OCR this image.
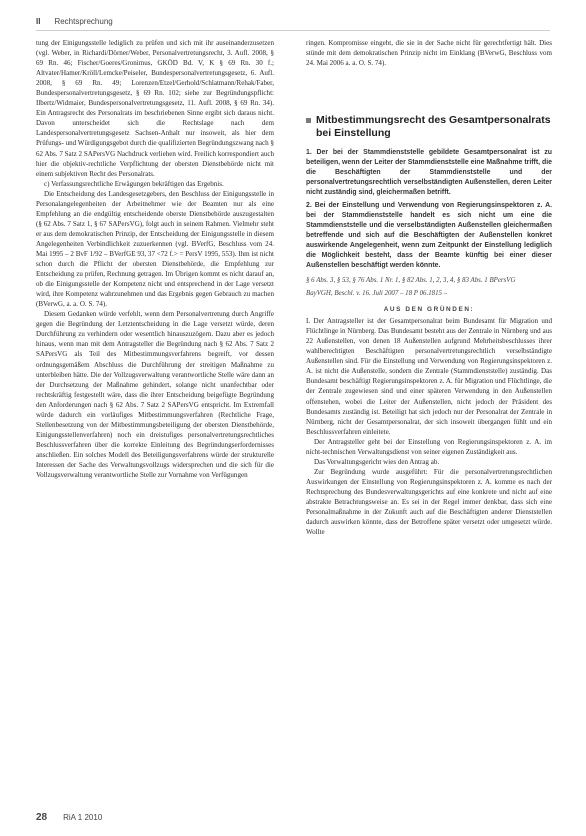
II Rechtsprechung

tung der Einigungsstelle lediglich zu prüfen und sich mit ihr auseinanderzusetzen (vgl. Weber, in Richardi/Dörner/Weber, Personalvertretungsrecht, 3. Aufl. 2008, § 69 Rn. 46; Fischer/Goeres/Gronimus, GKÖD Bd. V, K § 69 Rn. 30 f.; Altvater/Hamer/Kröll/Lemcke/Peiseler, Bundespersonalvertretungsgesetz, 6. Aufl. 2008, § 69 Rn. 49; Lorenzen/Etzel/Gerhold/Schlatmann/Rehak/Faber, Bundespersonalvertretungsgesetz, § 69 Rn. 102; siehe zur Begründungspflicht: Ilbertz/Widmaier, Bundespersonalvertretungsgesetz, 11. Aufl. 2008, § 69 Rn. 34). Ein Antragsrecht des Personalrats im beschriebenen Sinne ergibt sich daraus nicht. Davon unterscheidet sich die Rechtslage nach dem Landespersonalvertretungsgesetz Sachsen-Anhalt nur insoweit, als hier dem Prüfungs- und Würdigungsgebot durch die qualifizierten Begründungszwang nach § 62 Abs. 7 Satz 2 SAPersVG Nachdruck verliehen wird. Freilich korrespondiert auch hier die objektiv-rechtliche Verpflichtung der obersten Dienstbehörde nicht mit einem subjektiven Recht des Personalrats.

c) Verfassungsrechtliche Erwägungen bekräftigen das Ergebnis.

Die Entscheidung des Landesgesetzgebers, den Beschluss der Einigungsstelle in Personalangelegenheiten der Arbeitnehmer wie der Beamten nur als eine Empfehlung an die endgültig entscheidende oberste Dienstbehörde auszugestalten (§ 62 Abs. 7 Satz 1, § 67 SAPersVG), folgt auch in seinem Rahmen. Vielmehr steht er aus dem demokratischen Prinzip, der Entscheidung der Einigungsstelle in diesem Angelegenheiten Verbindlichkeit zuzuerkennen (vgl. BVerfG, Beschluss vom 24. Mai 1995 – 2 BvF 1/92 – BVerfGE 93, 37 <72 f.> = PersV 1995, 553). Ihm ist nicht schon durch die Pflicht der obersten Dienstbehörde, die Empfehlung zur Entscheidung zu prüfen, Rechnung getragen. Im Übrigen kommt es nicht darauf an, ob die Einigungsstelle der Kompetenz nicht und entsprechend in der Lage versetzt wird, ihre Kompetenz wahrzunehmen und das Ergebnis gegen Gebrauch zu machen (BVerwG, a. a. O. S. 74).

Diesem Gedanken würde verfehlt, wenn dem Personalvertretung durch Angriffe gegen die Begründung der Letztentscheidung in die Lage versetzt würde, deren Durchführung zu verhindern oder wesentlich hinauszuzögern. Dazu aber es jedoch hinaus, wenn man mit dem Antragsteller die Begründung nach § 62 Abs. 7 Satz 2 SAPersVG als Teil des Mitbestimmungsverfahrens begreift, vor dessen ordnungsgemäßem Abschluss die Durchführung der streitigen Maßnahme zu unterbleiben hätte. Die der Vollzugsverwaltung verantwortliche Stelle wäre dann an der Durchsetzung der Maßnahme gehindert, solange nicht unanfechtbar oder rechtskräftig festgestellt wäre, dass die ihrer Entscheidung beigefügte Begründung den Anforderungen nach § 62 Abs. 7 Satz 2 SAPersVG entspricht. Im Extremfall würde dadurch ein vorläufiges Mitbestimmungsverfahren (Rechtliche Frage, Stellenbesetzung von der Mitbestimmungsbeteiligung der obersten Dienstbehörde, Einigungsstellenverfahren) noch ein dreistufiges personalvertretungsrechtliches Beschlussverfahren über die korrekte Einleitung des Begründungserfordernisses anschließen. Ein solches Modell des Beteiligungsverfahrens würde der strukturelle Interessen der Sache des Verwaltungsvollzugs widersprechen und die sich für die Vollzugsverwaltung verantwortliche Stelle zur Vornahme von Verfügungen

ringen. Kompromisse eingeht, die sie in der Sache nicht für gerechtfertigt hält. Dies stünde mit dem demokratischen Prinzip nicht im Einklang (BVerwG, Beschluss vom 24. Mai 2006 a. a. O. S. 74).

Mitbestimmungsrecht des Gesamtpersonalrats bei Einstellung
1. Der bei der Stammdienststelle gebildete Gesamtpersonalrat ist zu beteiligen, wenn der Leiter der Stammdienststelle eine Maßnahme trifft, die die Beschäftigten der Stammdienststelle und der personalvertretungsrechtlich verselbständigten Außenstellen, deren Leiter nicht zuständig sind, gleichermaßen betrifft.
2. Bei der Einstellung und Verwendung von Regierungsinspektoren z. A. bei der Stammdienststelle handelt es sich nicht um eine die Stammdienststelle und die verselbständigten Außenstellen gleichermaßen betreffende und sich auf die Beschäftigten der Außenstellen konkret auswirkende Angelegenheit, wenn zum Zeitpunkt der Einstellung lediglich die Möglichkeit besteht, dass der Beamte künftig bei einer dieser Außenstellen beschäftigt werden könnte.
§ 6 Abs. 3, § 53, § 76 Abs. 1 Nr. 1, § 82 Abs. 1, 2, 3, 4, § 83 Abs. 1 BPersVG
BayVGH, Beschl. v. 16. Juli 2007 – 18 P 06.1815 –
AUS DEN GRÜNDEN:

I. Der Antragsteller ist der Gesamtpersonalrat beim Bundesamt für Migration und Flüchtlinge in Nürnberg. Das Bundesamt besteht aus der Zentrale in Nürnberg und aus 22 Außenstellen, von denen 18 Außenstellen aufgrund Mehrheitsbeschlusses ihrer wahlberechtigten Beschäftigten personalvertretungsrechtlich verselbständigte Außenstellen sind. Für die Einstellung und Verwendung von Regierungsinspektoren z. A. ist nicht die Außenstelle, sondern die Zentrale (Stammdienststelle) zuständig. Das Bundesamt beschäftigt Regierungsinspektoren z. A. für Migration und Flüchtlinge, die der Zentrale zugewiesen sind und einer späteren Verwendung in den Außenstellen offenstehen, wobei die Leiter der Außenstellen, nicht jedoch der Präsident des Bundesamts zuständig ist. Beteiligt hat sich jedoch nur der Personalrat der Zentrale in Nürnberg, nicht der Gesamtpersonalrat, der sich insoweit übergangen fühlt und ein Beschlussverfahren einleitete.

Der Antragsteller geht bei der Einstellung von Regierungsinspektoren z. A. im nicht-technischen Verwaltungsdienst von seiner eigenen Zuständigkeit aus.

Das Verwaltungsgericht wies den Antrag ab.

Zur Begründung wurde ausgeführt: Für die personalvertretungsrechtlichen Auswirkungen der Einstellung von Regierungsinspektoren z. A. komme es nach der Rechtsprechung des Bundesverwaltungsgerichts auf eine konkrete und nicht auf eine abstrakte Betrachtungsweise an. Es sei in der Regel immer denkbar, dass sich eine Personalmaßnahme in der Zukunft auch auf die Beschäftigten anderer Dienststellen dadurch auswirken könnte, dass der Betroffene später versetzt oder umgesetzt würde. Wollte

28 RiA 1 2010
